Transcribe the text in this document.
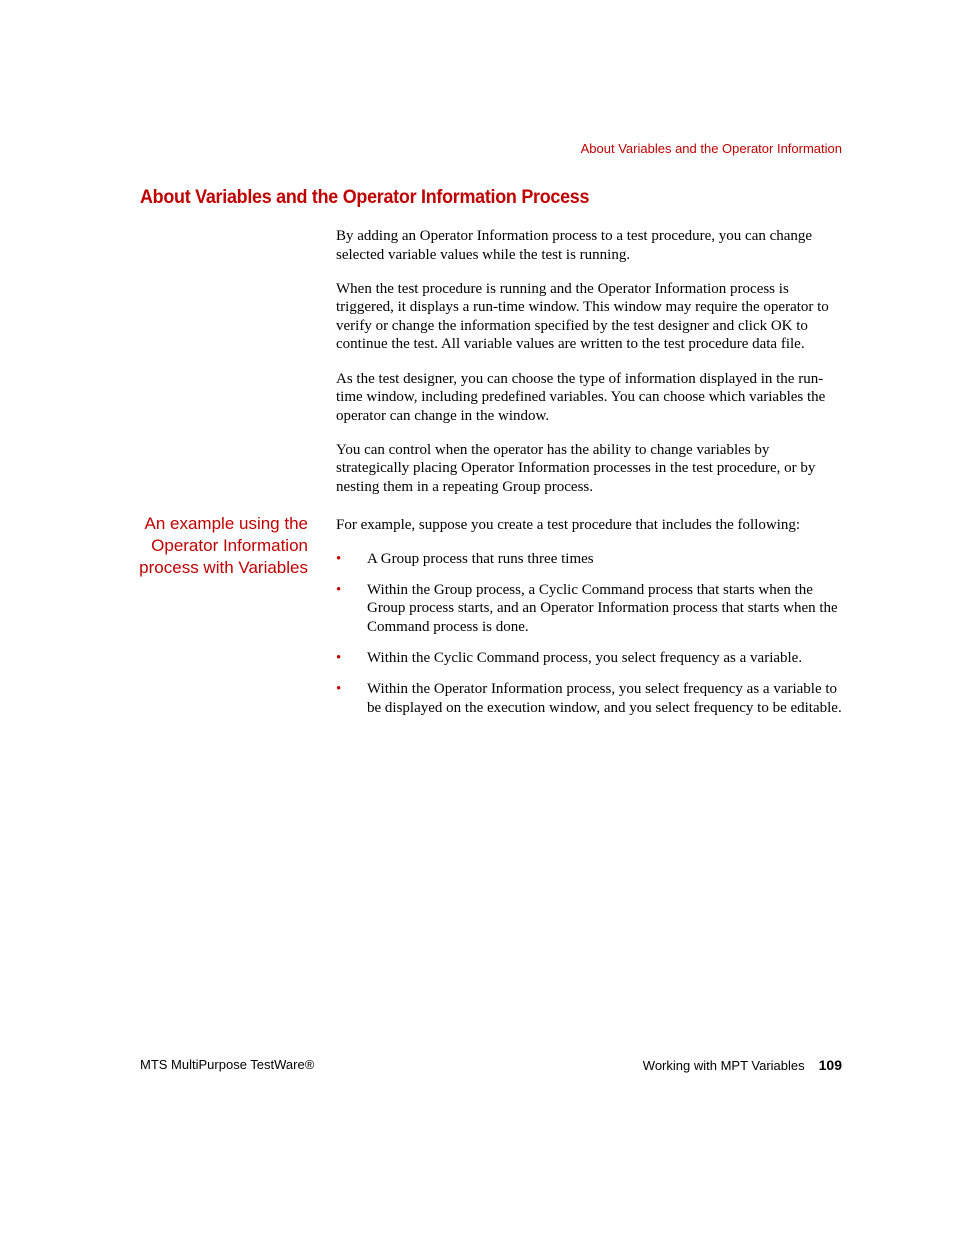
About Variables and the Operator Information
About Variables and the Operator Information Process

By adding an Operator Information process to a test procedure, you can change selected variable values while the test is running.

When the test procedure is running and the Operator Information process is triggered, it displays a run-time window. This window may require the operator to verify or change the information specified by the test designer and click OK to continue the test. All variable values are written to the test procedure data file.

As the test designer, you can choose the type of information displayed in the run-time window, including predefined variables. You can choose which variables the operator can change in the window.

You can control when the operator has the ability to change variables by strategically placing Operator Information processes in the test procedure, or by nesting them in a repeating Group process.

An example using the Operator Information process with Variables

For example, suppose you create a test procedure that includes the following:

• A Group process that runs three times
• Within the Group process, a Cyclic Command process that starts when the Group process starts, and an Operator Information process that starts when the Command process is done.
• Within the Cyclic Command process, you select frequency as a variable.
• Within the Operator Information process, you select frequency as a variable to be displayed on the execution window, and you select frequency to be editable.
MTS MultiPurpose TestWare®	Working with MPT Variables 109
